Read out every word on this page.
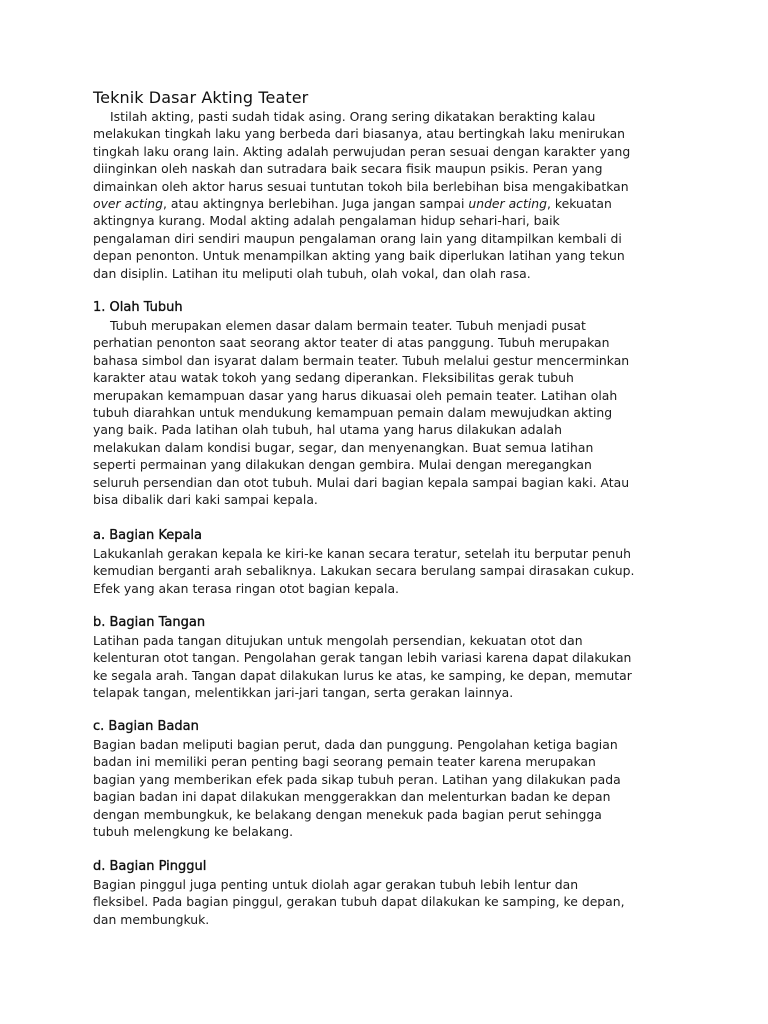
Teknik Dasar Akting Teater

Istilah akting, pasti sudah tidak asing. Orang sering dikatakan berakting kalau
melakukan tingkah laku yang berbeda dari biasanya, atau bertingkah laku menirukan
tingkah laku orang lain. Akting adalah perwujudan peran sesuai dengan karakter yang
diinginkan oleh naskah dan sutradara baik secara fisik maupun psikis. Peran yang
dimainkan oleh aktor harus sesuai tuntutan tokoh bila berlebihan bisa mengakibatkan
over acting, atau aktingnya berlebihan. Juga jangan sampai under acting, kekuatan
aktingnya kurang. Modal akting adalah pengalaman hidup sehari-hari, baik
pengalaman diri sendiri maupun pengalaman orang lain yang ditampilkan kembali di
depan penonton. Untuk menampilkan akting yang baik diperlukan latihan yang tekun
dan disiplin. Latihan itu meliputi olah tubuh, olah vokal, dan olah rasa.

1. Olah Tubuh

Tubuh merupakan elemen dasar dalam bermain teater. Tubuh menjadi pusat
perhatian penonton saat seorang aktor teater di atas panggung. Tubuh merupakan
bahasa simbol dan isyarat dalam bermain teater. Tubuh melalui gestur mencerminkan
karakter atau watak tokoh yang sedang diperankan. Fleksibilitas gerak tubuh
merupakan kemampuan dasar yang harus dikuasai oleh pemain teater. Latihan olah
tubuh diarahkan untuk mendukung kemampuan pemain dalam mewujudkan akting
yang baik. Pada latihan olah tubuh, hal utama yang harus dilakukan adalah
melakukan dalam kondisi bugar, segar, dan menyenangkan. Buat semua latihan
seperti permainan yang dilakukan dengan gembira. Mulai dengan meregangkan
seluruh persendian dan otot tubuh. Mulai dari bagian kepala sampai bagian kaki. Atau
bisa dibalik dari kaki sampai kepala.

a. Bagian Kepala

Lakukanlah gerakan kepala ke kiri-ke kanan secara teratur, setelah itu berputar penuh
kemudian berganti arah sebaliknya. Lakukan secara berulang sampai dirasakan cukup.
Efek yang akan terasa ringan otot bagian kepala.

b. Bagian Tangan

Latihan pada tangan ditujukan untuk mengolah persendian, kekuatan otot dan
kelenturan otot tangan. Pengolahan gerak tangan lebih variasi karena dapat dilakukan
ke segala arah. Tangan dapat dilakukan lurus ke atas, ke samping, ke depan, memutar
telapak tangan, melentikkan jari-jari tangan, serta gerakan lainnya.

c. Bagian Badan

Bagian badan meliputi bagian perut, dada dan punggung. Pengolahan ketiga bagian
badan ini memiliki peran penting bagi seorang pemain teater karena merupakan
bagian yang memberikan efek pada sikap tubuh peran. Latihan yang dilakukan pada
bagian badan ini dapat dilakukan menggerakkan dan melenturkan badan ke depan
dengan membungkuk, ke belakang dengan menekuk pada bagian perut sehingga
tubuh melengkung ke belakang.

d. Bagian Pinggul

Bagian pinggul juga penting untuk diolah agar gerakan tubuh lebih lentur dan
fleksibel. Pada bagian pinggul, gerakan tubuh dapat dilakukan ke samping, ke depan,
dan membungkuk.
